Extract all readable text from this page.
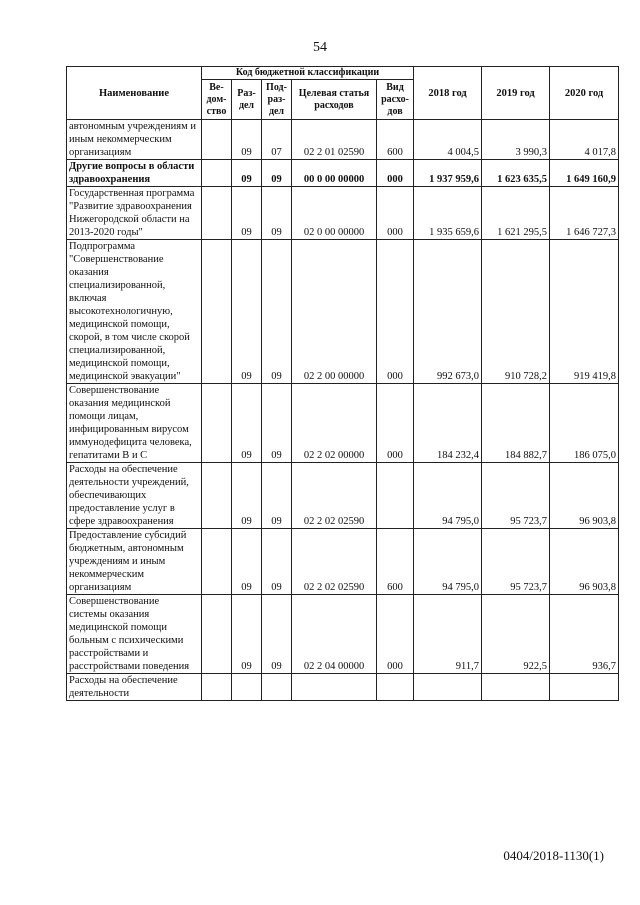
54
Наименование	Код бюджетной классификации					2018 год	2019 год	2020 год
	Ве-дом-ство	Раз-дел	Под-раз-дел	Целевая статья расходов	Вид расхо-дов			
автономным учреждениям и иным некоммерческим организациям		09	07	02 2 01 02590	600	4 004,5	3 990,3	4 017,8
Другие вопросы в области здравоохранения		09	09	00 0 00 00000	000	1 937 959,6	1 623 635,5	1 649 160,9
Государственная программа "Развитие здравоохранения Нижегородской области на 2013-2020 годы"		09	09	02 0 00 00000	000	1 935 659,6	1 621 295,5	1 646 727,3
Подпрограмма "Совершенствование оказания специализированной, включая высокотехнологичную, медицинской помощи, скорой, в том числе скорой специализированной, медицинской помощи, медицинской эвакуации"		09	09	02 2 00 00000	000	992 673,0	910 728,2	919 419,8
Совершенствование оказания медицинской помощи лицам, инфицированным вирусом иммунодефицита человека, гепатитами В и С		09	09	02 2 02 00000	000	184 232,4	184 882,7	186 075,0
Расходы на обеспечение деятельности учреждений, обеспечивающих предоставление услуг в сфере здравоохранения		09	09	02 2 02 02590		94 795,0	95 723,7	96 903,8
Предоставление субсидий бюджетным, автономным учреждениям и иным некоммерческим организациям		09	09	02 2 02 02590	600	94 795,0	95 723,7	96 903,8
Совершенствование системы оказания медицинской помощи больным с психическими расстройствами и расстройствами поведения		09	09	02 2 04 00000	000	911,7	922,5	936,7
Расходы на обеспечение деятельности								
0404/2018-1130(1)
